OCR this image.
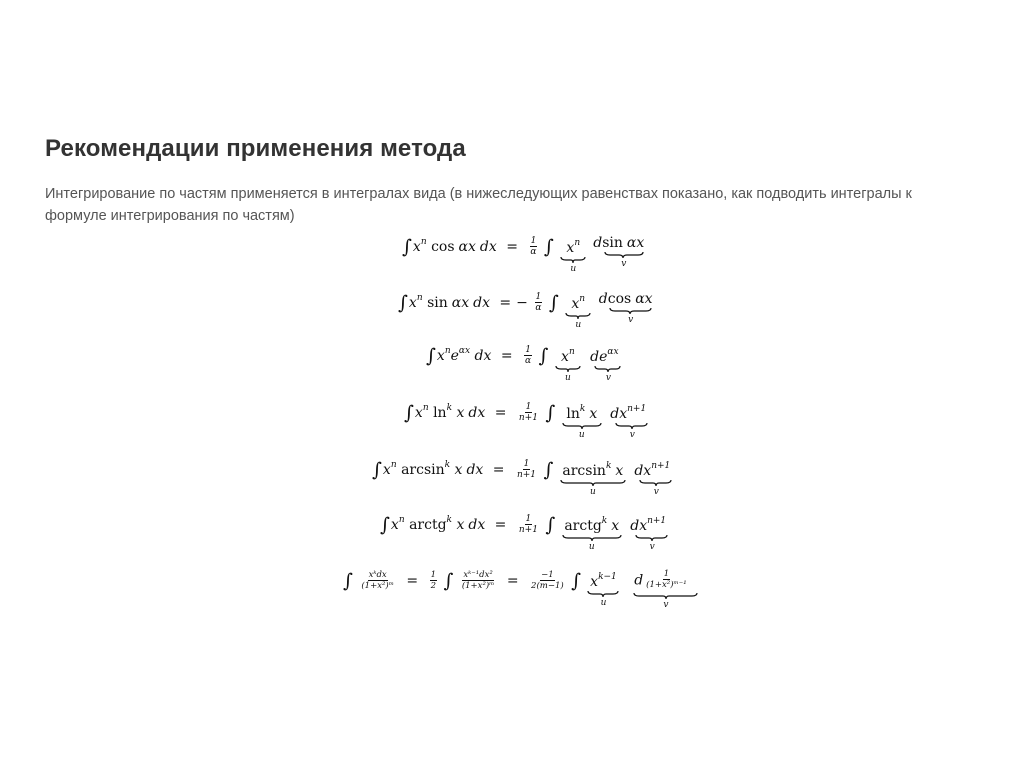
Рекомендации применения метода

Интегрирование по частям применяется в интегралах вида (в нижеследующих равенствах показано, как подводить интегралы к
формуле интегрирования по частям)

$\int x^n$ cos αx dx = $\frac{1}{\alpha}$ ∫ $x^n$
u

dsin αx
v
$\int x^n$ sin αx dx = − $\frac{1}{\alpha}$ ∫ $x^n$
u

dcos αx
v
$\int x^ne^{\alpha x}$ dx = $\frac{1}{\alpha}$ ∫ $x^n$
u

$de^{\alpha x}$
v
$\int x^n$ $\ln^k x$ dx = $\frac{1}{n+1}$ ∫ $\ln^k x$
u

$dx^{n+1}$
v
$\int x^n$ $\arcsin^k x$ dx = $\frac{1}{n+1}$ ∫ $\arcsin^k x$
u

$dx^{n+1}$
v
$\int x^n$ arctg$^k$ x dx = $\frac{1}{n+1}$ ∫ arctg$^k$ x
u

$dx^{n+1}$
v
∫ $\frac{\text{xᵏdx}}{\text{(1+x²)ᵐ}} = \frac{1}{2}$ ∫ $\frac{\text{xᵏ⁻¹dx²}}{\text{(1+x²)ᵐ}} = \frac{-1}{2(m-1)}$ ∫ $x^{k-1}$
u

d $\frac{1}{\text{(1+x²)ᵐ⁻¹}}$
v
